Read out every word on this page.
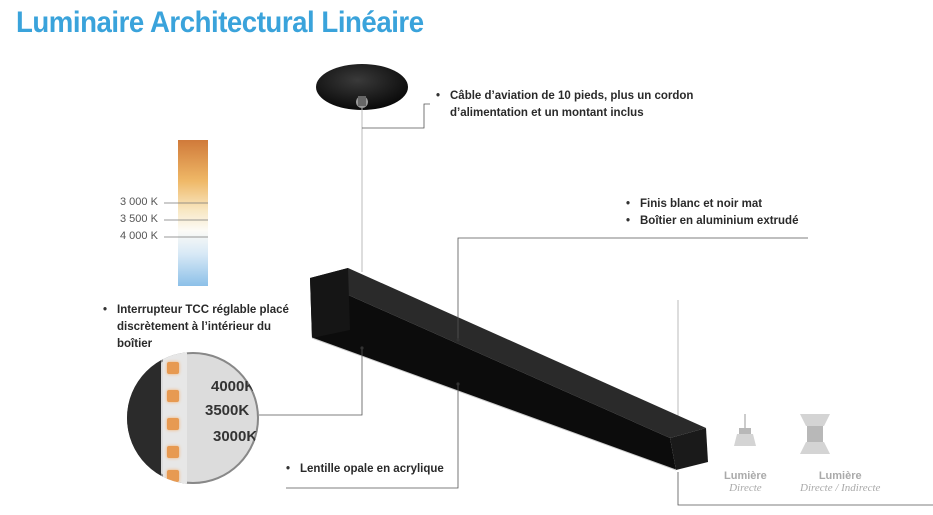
Luminaire Architectural Linéaire
3 000 K
3 500 K
4 000 K
• Câble d’aviation de 10 pieds, plus un cordon
d’alimentation et un montant inclus
• Finis blanc et noir mat
• Boîtier en aluminium extrudé
• Interrupteur TCC réglable placé
discrètement à l’intérieur du
boîtier
• Lentille opale en acrylique
4000K
3500K
3000K
Lumière
Directe
Lumière
Directe / Indirecte
